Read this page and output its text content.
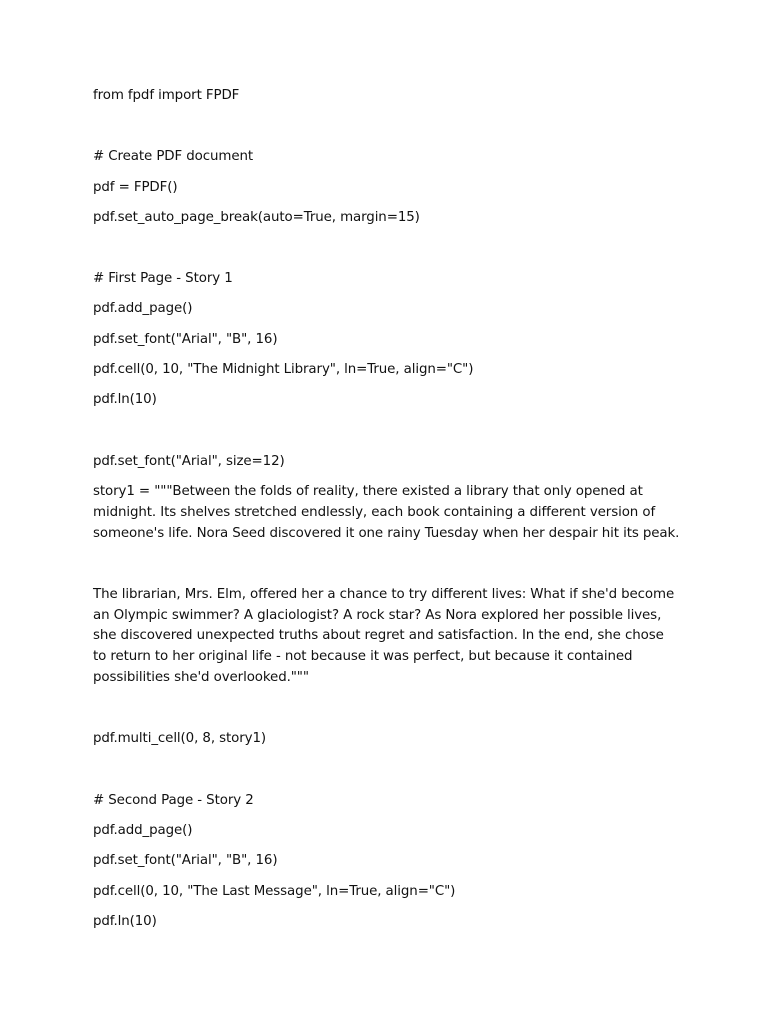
from fpdf import FPDF
# Create PDF document
pdf = FPDF()
pdf.set_auto_page_break(auto=True, margin=15)
# First Page - Story 1
pdf.add_page()
pdf.set_font("Arial", "B", 16)
pdf.cell(0, 10, "The Midnight Library", ln=True, align="C")
pdf.ln(10)
pdf.set_font("Arial", size=12)
story1 = """Between the folds of reality, there existed a library that only opened at
midnight. Its shelves stretched endlessly, each book containing a different version of
someone's life. Nora Seed discovered it one rainy Tuesday when her despair hit its peak.
The librarian, Mrs. Elm, offered her a chance to try different lives: What if she'd become
an Olympic swimmer? A glaciologist? A rock star? As Nora explored her possible lives,
she discovered unexpected truths about regret and satisfaction. In the end, she chose
to return to her original life - not because it was perfect, but because it contained
possibilities she'd overlooked."""
pdf.multi_cell(0, 8, story1)
# Second Page - Story 2
pdf.add_page()
pdf.set_font("Arial", "B", 16)
pdf.cell(0, 10, "The Last Message", ln=True, align="C")
pdf.ln(10)
